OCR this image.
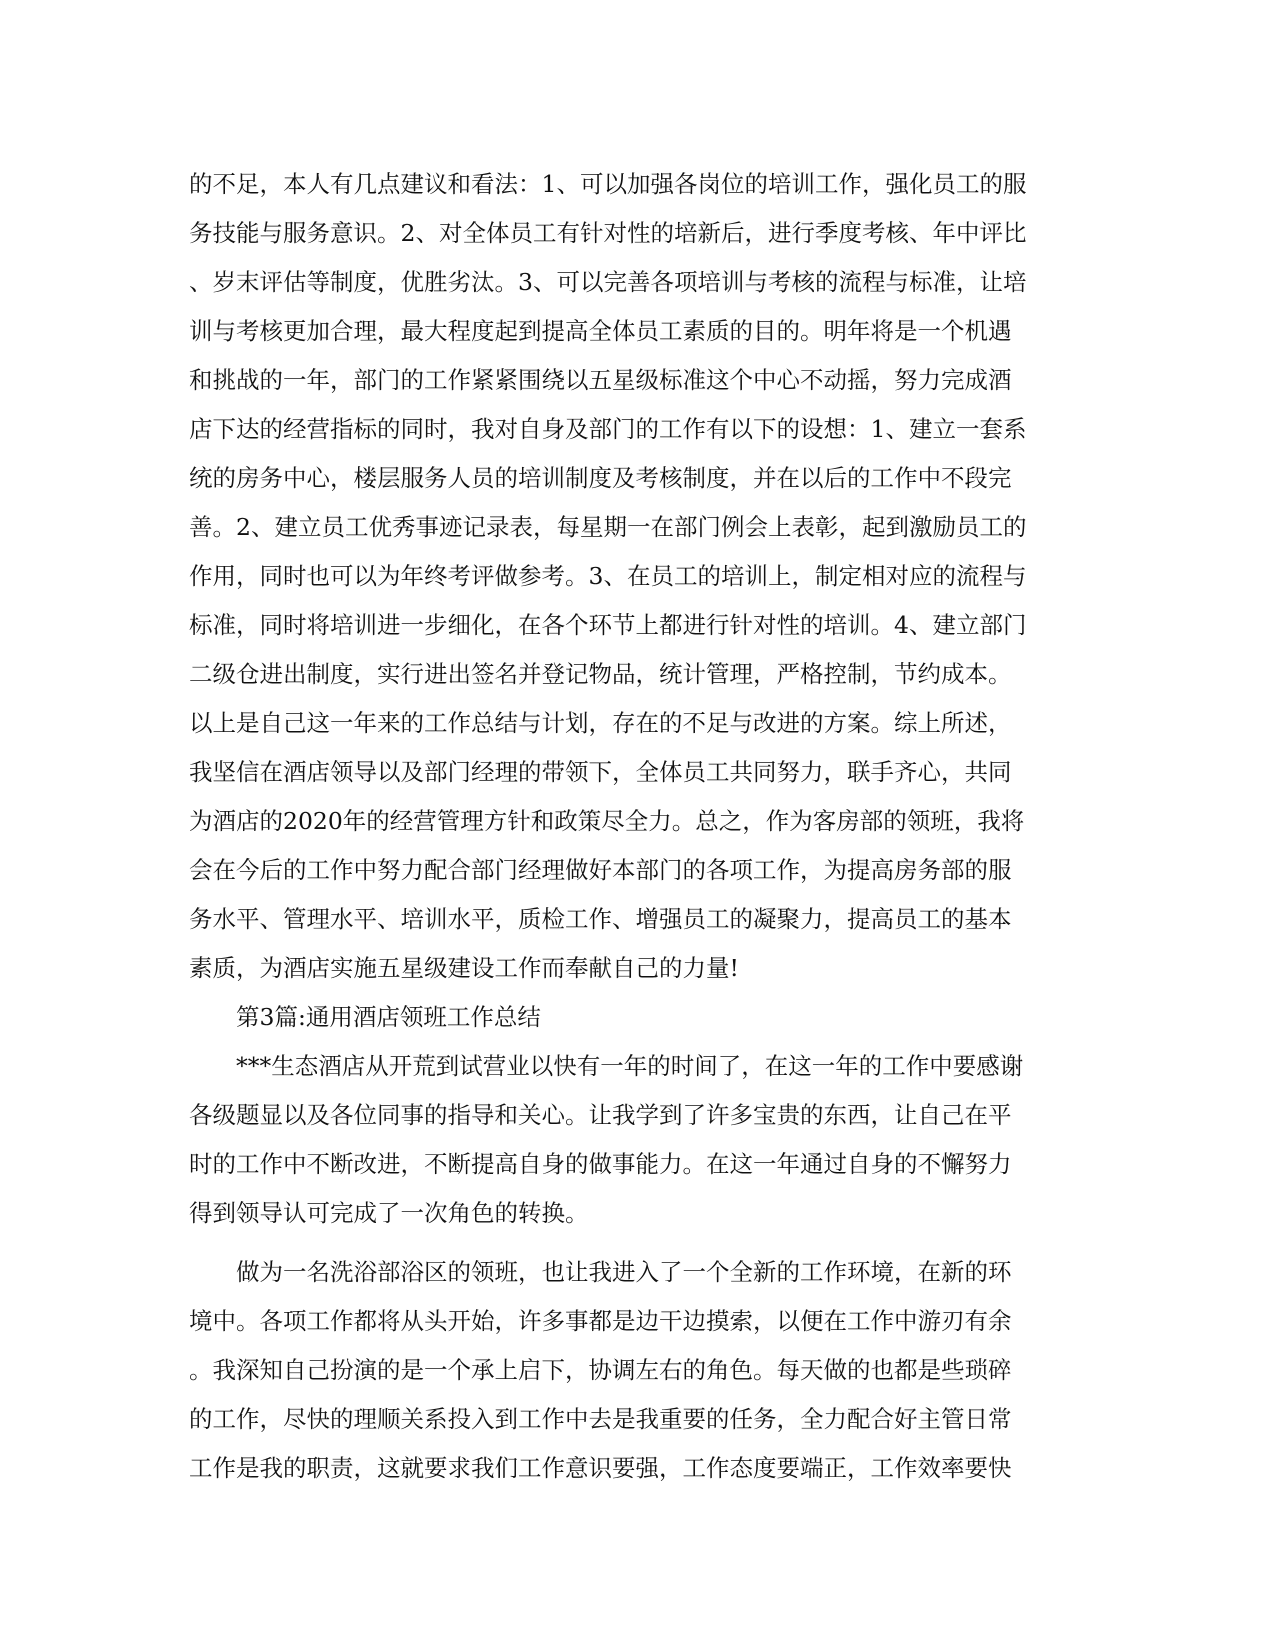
的不足，本人有几点建议和看法：1、可以加强各岗位的培训工作，强化员工的服
务技能与服务意识。2、对全体员工有针对性的培新后，进行季度考核、年中评比
、岁末评估等制度，优胜劣汰。3、可以完善各项培训与考核的流程与标准，让培
训与考核更加合理，最大程度起到提高全体员工素质的目的。明年将是一个机遇
和挑战的一年，部门的工作紧紧围绕以五星级标准这个中心不动摇，努力完成酒
店下达的经营指标的同时，我对自身及部门的工作有以下的设想：1、建立一套系
统的房务中心，楼层服务人员的培训制度及考核制度，并在以后的工作中不段完
善。2、建立员工优秀事迹记录表，每星期一在部门例会上表彰，起到激励员工的
作用，同时也可以为年终考评做参考。3、在员工的培训上，制定相对应的流程与
标准，同时将培训进一步细化，在各个环节上都进行针对性的培训。4、建立部门
二级仓进出制度，实行进出签名并登记物品，统计管理，严格控制，节约成本。
以上是自己这一年来的工作总结与计划，存在的不足与改进的方案。综上所述，
我坚信在酒店领导以及部门经理的带领下，全体员工共同努力，联手齐心，共同
为酒店的2020年的经营管理方针和政策尽全力。总之，作为客房部的领班，我将
会在今后的工作中努力配合部门经理做好本部门的各项工作，为提高房务部的服
务水平、管理水平、培训水平，质检工作、增强员工的凝聚力，提高员工的基本
素质，为酒店实施五星级建设工作而奉献自己的力量!
第3篇:通用酒店领班工作总结
***生态酒店从开荒到试营业以快有一年的时间了，在这一年的工作中要感谢
各级题显以及各位同事的指导和关心。让我学到了许多宝贵的东西，让自己在平
时的工作中不断改进，不断提高自身的做事能力。在这一年通过自身的不懈努力
得到领导认可完成了一次角色的转换。
做为一名洗浴部浴区的领班，也让我进入了一个全新的工作环境，在新的环
境中。各项工作都将从头开始，许多事都是边干边摸索，以便在工作中游刃有余
。我深知自己扮演的是一个承上启下，协调左右的角色。每天做的也都是些琐碎
的工作，尽快的理顺关系投入到工作中去是我重要的任务，全力配合好主管日常
工作是我的职责，这就要求我们工作意识要强，工作态度要端正，工作效率要快
